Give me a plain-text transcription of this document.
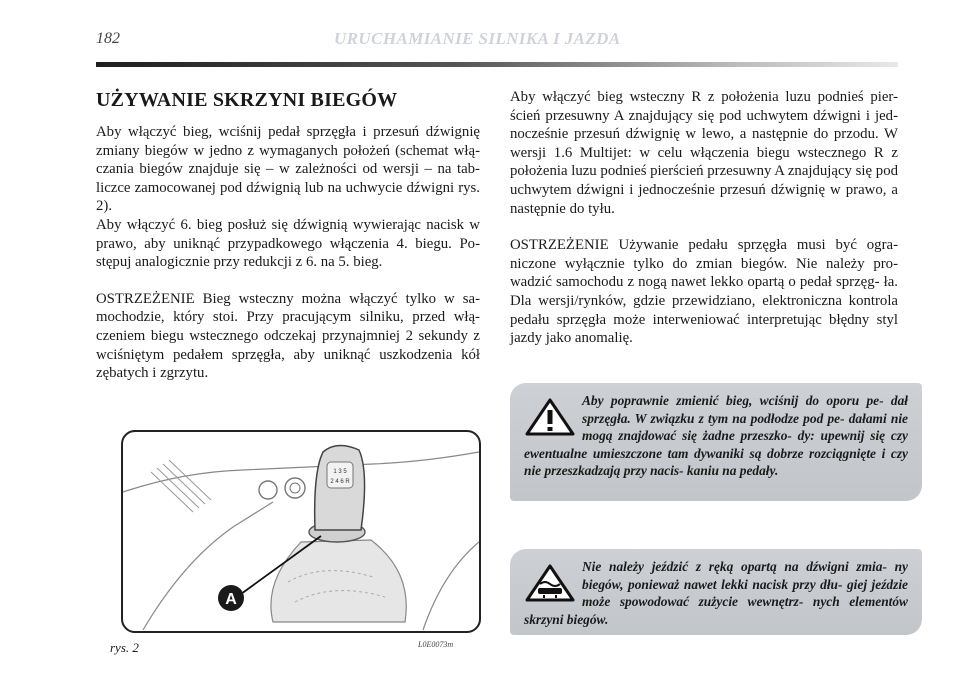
182	URUCHAMIANIE SILNIKA I JAZDA
UŻYWANIE SKRZYNI BIEGÓW

Aby włączyć bieg, wciśnij pedał sprzęgła i przesuń dźwignię zmiany biegów w jedno z wymaganych położeń (schemat włą- czania biegów znajduje się – w zależności od wersji – na tab- liczce zamocowanej pod dźwignią lub na uchwycie dźwigni rys. 2).

Aby włączyć 6. bieg posłuż się dźwignią wywierając nacisk w prawo, aby uniknąć przypadkowego włączenia 4. biegu. Po- stępuj analogicznie przy redukcji z 6. na 5. bieg.

OSTRZEŻENIE Bieg wsteczny można włączyć tylko w sa- mochodzie, który stoi. Przy pracującym silniku, przed włą- czeniem biegu wstecznego odczekaj przynajmniej 2 sekundy z wciśniętym pedałem sprzęgła, aby uniknąć uszkodzenia kół zębatych i zgrzytu.

Aby włączyć bieg wsteczny R z położenia luzu podnieś pier- ścień przesuwny A znajdujący się pod uchwytem dźwigni i jed- nocześnie przesuń dźwignię w lewo, a następnie do przodu. W wersji 1.6 Multijet: w celu włączenia biegu wstecznego R z położenia luzu podnieś pierścień przesuwny A znajdujący się pod uchwytem dźwigni i jednocześnie przesuń dźwignię w prawo, a następnie do tyłu.

OSTRZEŻENIE Używanie pedału sprzęgła musi być ogra- niczone wyłącznie tylko do zmian biegów. Nie należy pro- wadzić samochodu z nogą nawet lekko opartą o pedał sprzęg- ła. Dla wersji/rynków, gdzie przewidziano, elektroniczna kontrola pedału sprzęgła może interweniować interpretując błędny styl jazdy jako anomalię.

Aby poprawnie zmienić bieg, wciśnij do oporu pe- dał sprzęgła. W związku z tym na podłodze pod pe- dałami nie mogą znajdować się żadne przeszko- dy: upewnij się czy ewentualne umieszczone tam dywaniki są dobrze rozciągnięte i czy nie przeszkadzają przy nacis- kaniu na pedały.
Nie należy jeździć z ręką opartą na dźwigni zmia- ny biegów, ponieważ nawet lekki nacisk przy dłu- giej jeździe może spowodować zużycie wewnętrz- nych elementów skrzyni biegów.
1 3 5
2 4 6 R
A
rys. 2	L0E0073m
